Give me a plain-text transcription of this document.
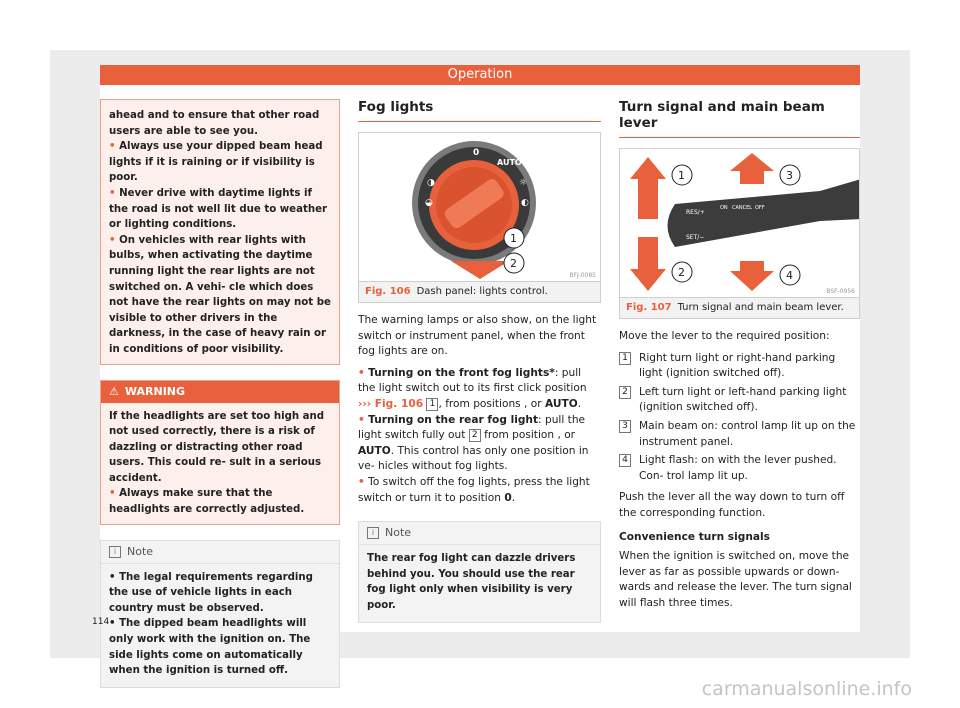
Operation

ahead and to ensure that other road users are able to see you.

• Always use your dipped beam head lights if it is raining or if visibility is poor.

• Never drive with daytime lights if the road is not well lit due to weather or lighting conditions.

• On vehicles with rear lights with bulbs, when activating the daytime running light the rear lights are not switched on. A vehi- cle which does not have the rear lights on may not be visible to other drivers in the darkness, in the case of heavy rain or in conditions of poor visibility.

⚠ WARNING

If the headlights are set too high and not used correctly, there is a risk of dazzling or distracting other road users. This could re- sult in a serious accident.

• Always make sure that the headlights are correctly adjusted.

i Note

• The legal requirements regarding the use of vehicle lights in each country must be observed.

• The dipped beam headlights will only work with the ignition on. The side lights come on automatically when the ignition is turned off.

Fog lights
0
AUTO
☼
◐
◑
◒
1
2
BFJ-0085
Fig. 106 Dash panel: lights control.

The warning lamps or also show, on the light switch or instrument panel, when the front fog lights are on.

• Turning on the front fog lights*: pull the light switch out to its first click position ››› Fig. 106 1 , from positions , or AUTO.

• Turning on the rear fog light: pull the light switch fully out 2 from position , or AUTO. This control has only one position in ve- hicles without fog lights.

• To switch off the fog lights, press the light switch or turn it to position 0.

i Note

The rear fog light can dazzle drivers behind you. You should use the rear fog light only when visibility is very poor.

Turn signal and main beam lever
RES/+
ON CANCEL OFF
SET/−
1
2
3
4
BSF-0956
Fig. 107 Turn signal and main beam lever.

Move the lever to the required position:

1 Right turn light or right-hand parking light (ignition switched off).
2 Left turn light or left-hand parking light (ignition switched off).
3 Main beam on: control lamp lit up on the instrument panel.
4 Light flash: on with the lever pushed. Con- trol lamp lit up.

Push the lever all the way down to turn off the corresponding function.

Convenience turn signals

When the ignition is switched on, move the lever as far as possible upwards or down- wards and release the lever. The turn signal will flash three times.

114
carmanualsonline.info
